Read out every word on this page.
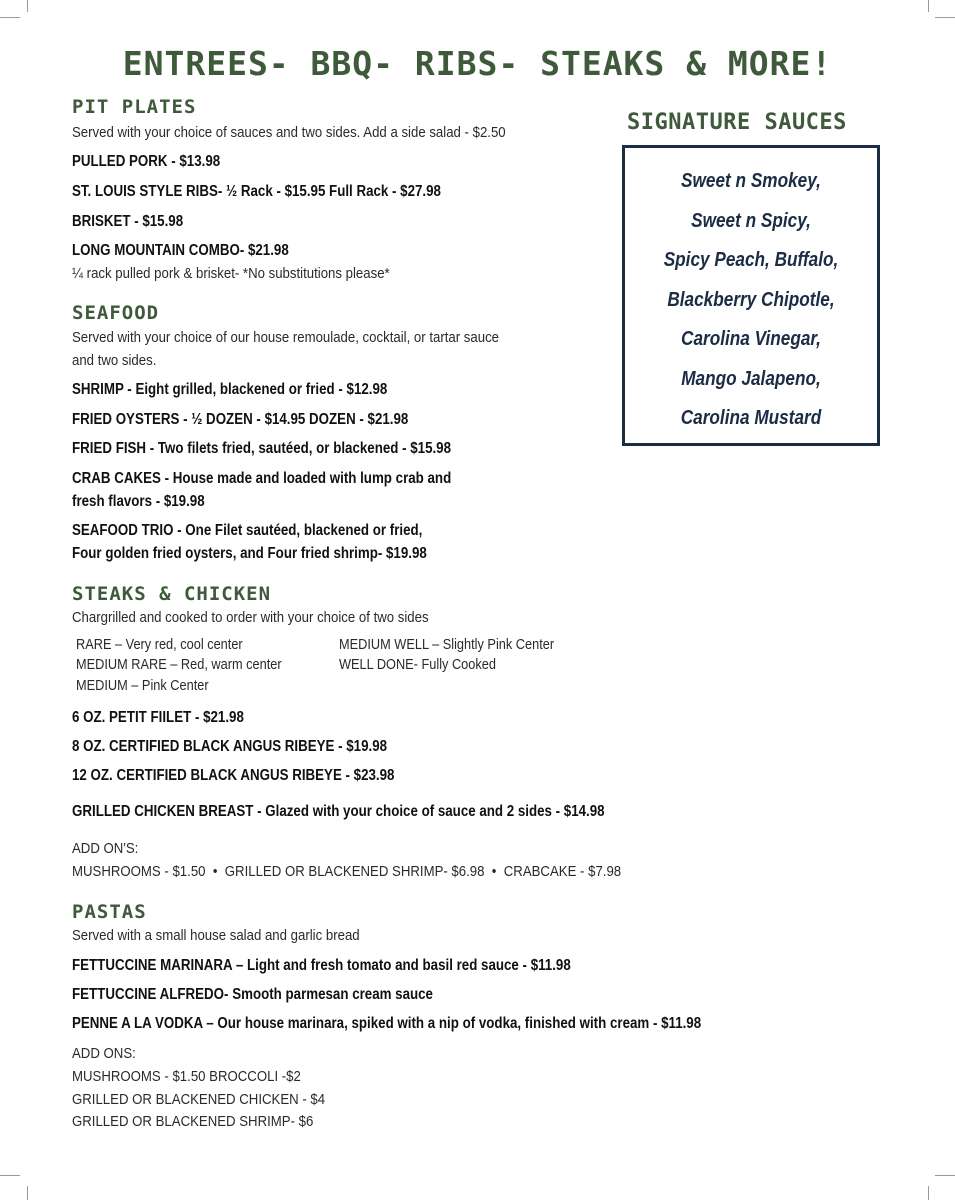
ENTREES- BBQ- RIBS- STEAKS & MORE!
PIT PLATES
Served with your choice of sauces and two sides. Add a side salad - $2.50
PULLED PORK - $13.98
ST. LOUIS STYLE RIBS- ½ Rack - $15.95 Full Rack - $27.98
BRISKET - $15.98
LONG MOUNTAIN COMBO- $21.98
¼ rack pulled pork & brisket- *No substitutions please*
SEAFOOD
Served with your choice of our house remoulade, cocktail, or tartar sauce
and two sides.
SHRIMP - Eight grilled, blackened or fried - $12.98
FRIED OYSTERS - ½ DOZEN - $14.95 DOZEN - $21.98
FRIED FISH - Two filets fried, sautéed, or blackened - $15.98
CRAB CAKES - House made and loaded with lump crab and
fresh flavors - $19.98
SEAFOOD TRIO - One Filet sautéed, blackened or fried,
Four golden fried oysters, and Four fried shrimp- $19.98
STEAKS & CHICKEN
Chargrilled and cooked to order with your choice of two sides
RARE – Very red, cool center
MEDIUM RARE – Red, warm center
MEDIUM – Pink Center
MEDIUM WELL – Slightly Pink Center
WELL DONE- Fully Cooked
6 OZ. PETIT FIILET - $21.98
8 OZ. CERTIFIED BLACK ANGUS RIBEYE - $19.98
12 OZ. CERTIFIED BLACK ANGUS RIBEYE - $23.98
GRILLED CHICKEN BREAST - Glazed with your choice of sauce and 2 sides - $14.98
ADD ON'S:
MUSHROOMS - $1.50  •  GRILLED OR BLACKENED SHRIMP- $6.98  •  CRABCAKE - $7.98
PASTAS
Served with a small house salad and garlic bread
FETTUCCINE MARINARA – Light and fresh tomato and basil red sauce - $11.98
FETTUCCINE ALFREDO- Smooth parmesan cream sauce
PENNE A LA VODKA – Our house marinara, spiked with a nip of vodka, finished with cream - $11.98
ADD ONS:
MUSHROOMS - $1.50 BROCCOLI -$2
GRILLED OR BLACKENED CHICKEN - $4
GRILLED OR BLACKENED SHRIMP- $6
SIGNATURE SAUCES
Sweet n Smokey,
Sweet n Spicy,
Spicy Peach, Buffalo,
Blackberry Chipotle,
Carolina Vinegar,
Mango Jalapeno,
Carolina Mustard
